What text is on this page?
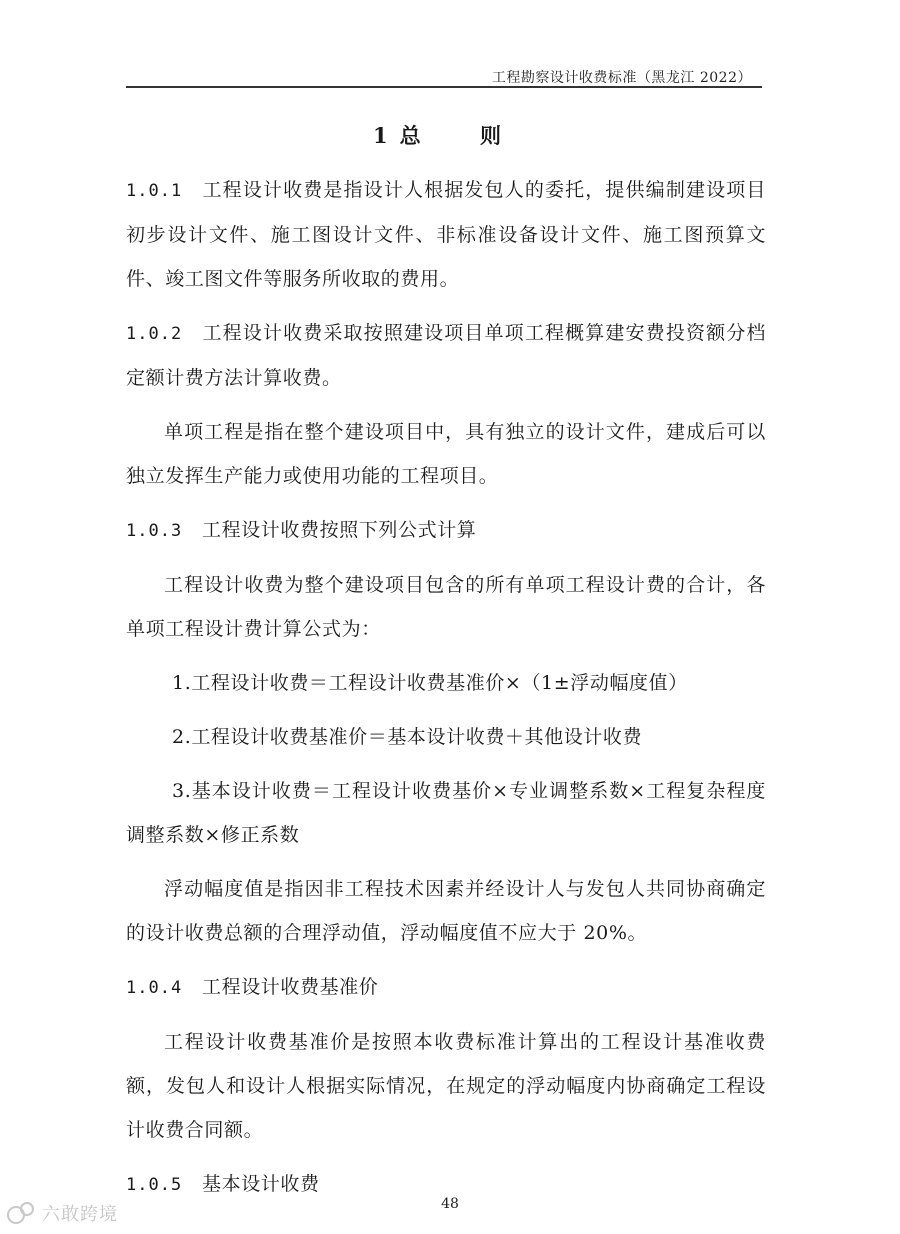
工程勘察设计收费标准（黑龙江 2022）
1 总 则

1.0.1 工程设计收费是指设计人根据发包人的委托，提供编制建设项目初步设计文件、施工图设计文件、非标准设备设计文件、施工图预算文件、竣工图文件等服务所收取的费用。

1.0.2 工程设计收费采取按照建设项目单项工程概算建安费投资额分档定额计费方法计算收费。

单项工程是指在整个建设项目中，具有独立的设计文件，建成后可以独立发挥生产能力或使用功能的工程项目。

1.0.3 工程设计收费按照下列公式计算

工程设计收费为整个建设项目包含的所有单项工程设计费的合计，各单项工程设计费计算公式为：

1.工程设计收费＝工程设计收费基准价×（1±浮动幅度值）

2.工程设计收费基准价＝基本设计收费＋其他设计收费

3.基本设计收费＝工程设计收费基价×专业调整系数×工程复杂程度调整系数×修正系数

浮动幅度值是指因非工程技术因素并经设计人与发包人共同协商确定的设计收费总额的合理浮动值，浮动幅度值不应大于 20%。

1.0.4 工程设计收费基准价

工程设计收费基准价是按照本收费标准计算出的工程设计基准收费额，发包人和设计人根据实际情况，在规定的浮动幅度内协商确定工程设计收费合同额。

1.0.5 基本设计收费

48
六敢跨境
